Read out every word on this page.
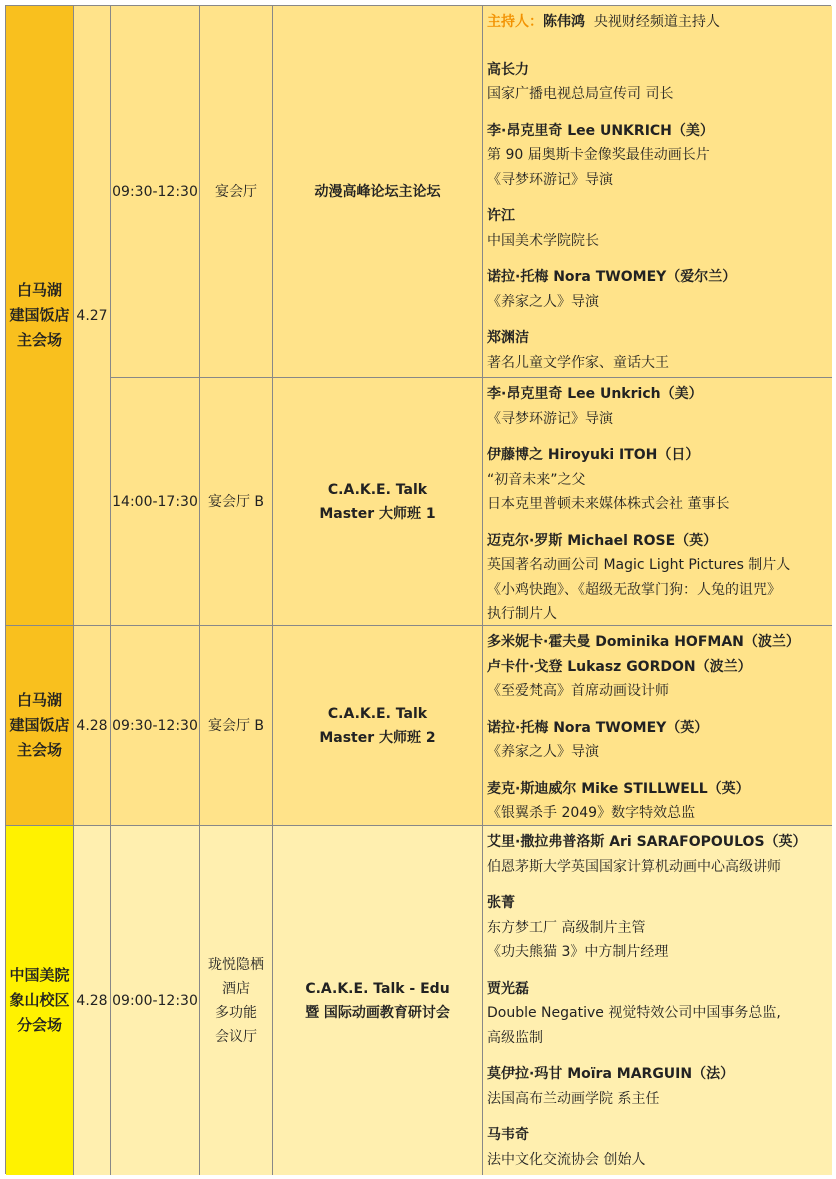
白马湖
建国饭店
主会场
4.27
09:30-12:30 宴会厅	动漫高峰论坛主论坛
主持人：陈伟鸿 央视财经频道主持人
高长力
国家广播电视总局宣传司 司长
李·昂克里奇 Lee UNKRICH（美）
第 90 届奥斯卡金像奖最佳动画长片
《寻梦环游记》导演
许江
中国美术学院院长
诺拉·托梅 Nora TWOMEY（爱尔兰）
《养家之人》导演
郑渊洁
著名儿童文学作家、童话大王
14:00-17:30 宴会厅 B
C.A.K.E. Talk
Master 大师班 1
李·昂克里奇 Lee Unkrich（美）
《寻梦环游记》导演
伊藤博之 Hiroyuki ITOH（日）
“初音未来”之父
日本克里普顿未来媒体株式会社 董事长
迈克尔·罗斯 Michael ROSE（英）
英国著名动画公司 Magic Light Pictures 制片人
《小鸡快跑》、《超级无敌掌门狗：人兔的诅咒》
执行制片人
白马湖
建国饭店
主会场
4.28 09:30-12:30 宴会厅 B
C.A.K.E. Talk
Master 大师班 2
多米妮卡·霍夫曼 Dominika HOFMAN（波兰）
卢卡什·戈登 Lukasz GORDON（波兰）
《至爱梵高》首席动画设计师
诺拉·托梅 Nora TWOMEY（英）
《养家之人》导演
麦克·斯迪威尔 Mike STILLWELL（英）
《银翼杀手 2049》数字特效总监
中国美院
象山校区
分会场
4.28 09:00-12:30
珑悦隐栖
酒店
多功能
会议厅
C.A.K.E. Talk - Edu
暨 国际动画教育研讨会
艾里·撒拉弗普洛斯 Ari SARAFOPOULOS（英）
伯恩茅斯大学英国国家计算机动画中心高级讲师
张菁
东方梦工厂 高级制片主管
《功夫熊猫 3》中方制片经理
贾光磊
Double Negative 视觉特效公司中国事务总监,
高级监制
莫伊拉·玛甘 Moïra MARGUIN（法）
法国高布兰动画学院 系主任
马韦奇
法中文化交流协会 创始人
